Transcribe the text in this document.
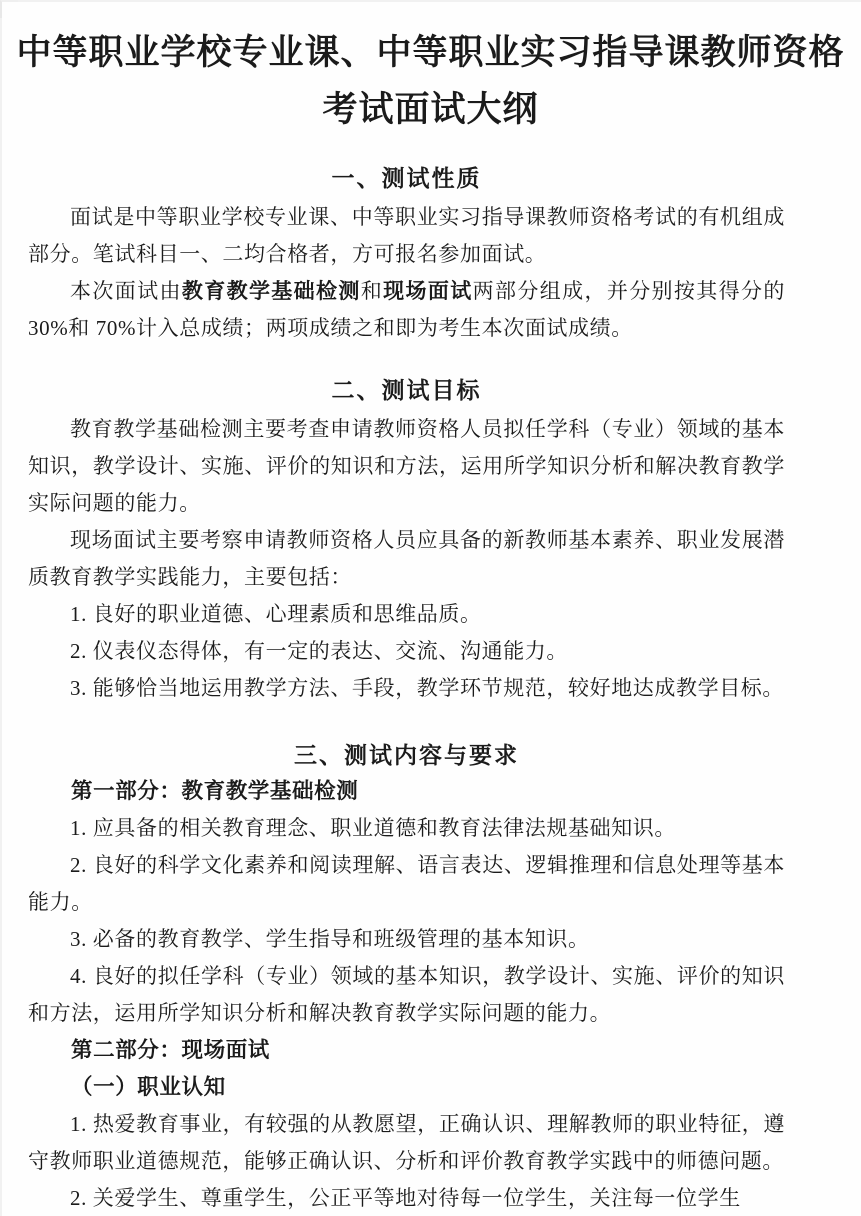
中等职业学校专业课、中等职业实习指导课教师资格
考试面试大纲
一、测试性质

面试是中等职业学校专业课、中等职业实习指导课教师资格考试的有机组成部分。笔试科目一、二均合格者，方可报名参加面试。

本次面试由教育教学基础检测和现场面试两部分组成，并分别按其得分的30%和 70%计入总成绩；两项成绩之和即为考生本次面试成绩。

二、测试目标

教育教学基础检测主要考查申请教师资格人员拟任学科（专业）领域的基本知识，教学设计、实施、评价的知识和方法，运用所学知识分析和解决教育教学实际问题的能力。

现场面试主要考察申请教师资格人员应具备的新教师基本素养、职业发展潜质教育教学实践能力，主要包括：

1. 良好的职业道德、心理素质和思维品质。

2. 仪表仪态得体，有一定的表达、交流、沟通能力。

3. 能够恰当地运用教学方法、手段，教学环节规范，较好地达成教学目标。

三、测试内容与要求

第一部分：教育教学基础检测

1. 应具备的相关教育理念、职业道德和教育法律法规基础知识。

2. 良好的科学文化素养和阅读理解、语言表达、逻辑推理和信息处理等基本能力。

3. 必备的教育教学、学生指导和班级管理的基本知识。

4. 良好的拟任学科（专业）领域的基本知识，教学设计、实施、评价的知识和方法，运用所学知识分析和解决教育教学实际问题的能力。

第二部分：现场面试

（一）职业认知

1. 热爱教育事业，有较强的从教愿望，正确认识、理解教师的职业特征，遵守教师职业道德规范，能够正确认识、分析和评价教育教学实践中的师德问题。

2. 关爱学生、尊重学生，公正平等地对待每一位学生，关注每一位学生
